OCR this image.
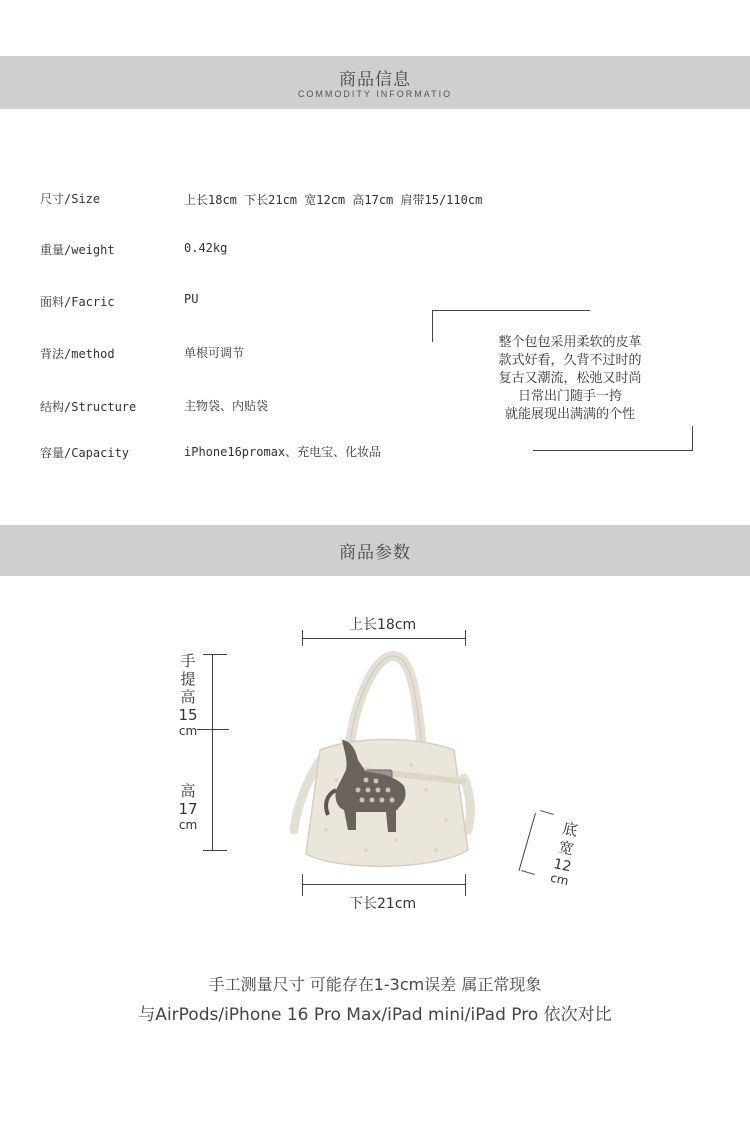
商品信息
COMMODITY INFORMATIO
尺寸/Size	上长18cm 下长21cm 宽12cm 高17cm 肩带15/110cm
重量/weight	0.42kg
面料/Facric	PU
背法/method	单根可调节
结构/Structure	主物袋、内贴袋
容量/Capacity	iPhone16promax、充电宝、化妆品
整个包包采用柔软的皮革
款式好看，久背不过时的
复古又潮流，松弛又时尚
日常出门随手一挎
就能展现出满满的个性
商品参数
上长18cm
下长21cm
手
提
高
15
cm
高
17
cm	底
宽
12
cm
手工测量尺寸 可能存在1-3cm误差 属正常现象
与AirPods/iPhone 16 Pro Max/iPad mini/iPad Pro 依次对比
